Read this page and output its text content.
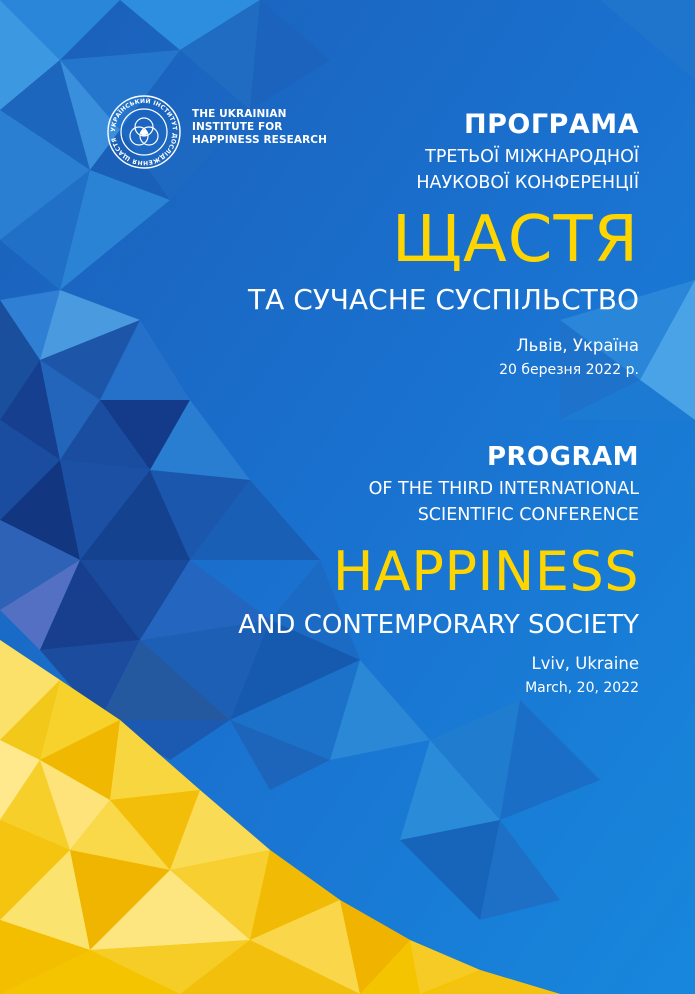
УКРАЇНСЬКИЙ ІНСТИТУТ ДОСЛІДЖЕННЯ ЩАСТЯ
THE UKRAINIAN
INSTITUTE FOR
HAPPINESS RESEARCH	ПРОГРАМА
ТРЕТЬОЇ МІЖНАРОДНОЇ
НАУКОВОЇ КОНФЕРЕНЦІЇ
ЩАСТЯ
ТА СУЧАСНЕ СУСПІЛЬСТВО
Львів, Україна
20 березня 2022 р.
PROGRAM
OF THE THIRD INTERNATIONAL
SCIENTIFIC CONFERENCE
HAPPINESS
AND CONTEMPORARY SOCIETY
Lviv, Ukraine
March, 20, 2022
